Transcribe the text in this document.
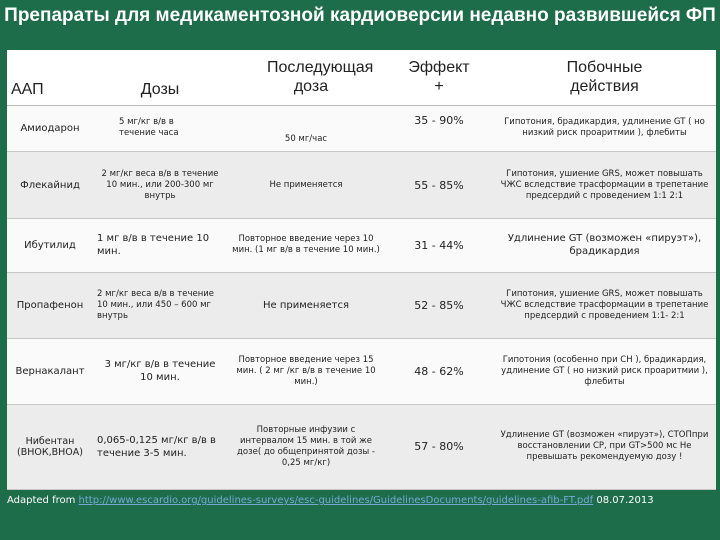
Препараты для медикаментозной кардиоверсии недавно развившейся ФП
ААП	Дозы	Последующая доза	Эффект +	Побочные действия
Амиодарон	5 мг/кг в/в в течение часа	50 мг/час	35 - 90%	Гипотония, брадикардия, удлинение GT ( но низкий риск проаритмии ), флебиты
Флекайнид	2 мг/кг веса в/в в течение 10 мин., или 200-300 мг внутрь	Не применяется	55 - 85%	Гипотония, ушиение GRS, может повышать ЧЖС вследствие трасформации в трепетание предсердий с проведением 1:1 2:1
Ибутилид	1 мг в/в в течение 10 мин.	Повторное введение через 10 мин. (1 мг в/в в течение 10 мин.)	31 - 44%	Удлинение GT (возможен «пируэт»), брадикардия
Пропафенон	2 мг/кг веса в/в в течение 10 мин., или 450 – 600 мг внутрь	Не применяется	52 - 85%	Гипотония, ушиение GRS, может повышать ЧЖС вследствие трасформации в трепетание предсердий с проведением 1:1- 2:1
Вернакалант	3 мг/кг в/в в течение 10 мин.	Повторное введение через 15 мин. ( 2 мг /кг в/в в течение 10 мин.)	48 - 62%	Гипотония (особенно при СН ), брадикардия, удлинение GT ( но низкий риск проаритмии ), флебиты
Нибентан (ВНОК,ВНОА)	0,065-0,125 мг/кг в/в в течение 3-5 мин.	Повторные инфузии с интервалом 15 мин. в той же дозе( до общепринятой дозы - 0,25 мг/кг)	57 - 80%	Удлинение GT (возможен «пируэт»), СТОПпри восстановлении СР, при GT>500 мс Не превышать рекомендуемую дозу !
Adapted from http://www.escardio.org/guidelines-surveys/esc-guidelines/GuidelinesDocuments/guidelines-afib-FT.pdf 08.07.2013
